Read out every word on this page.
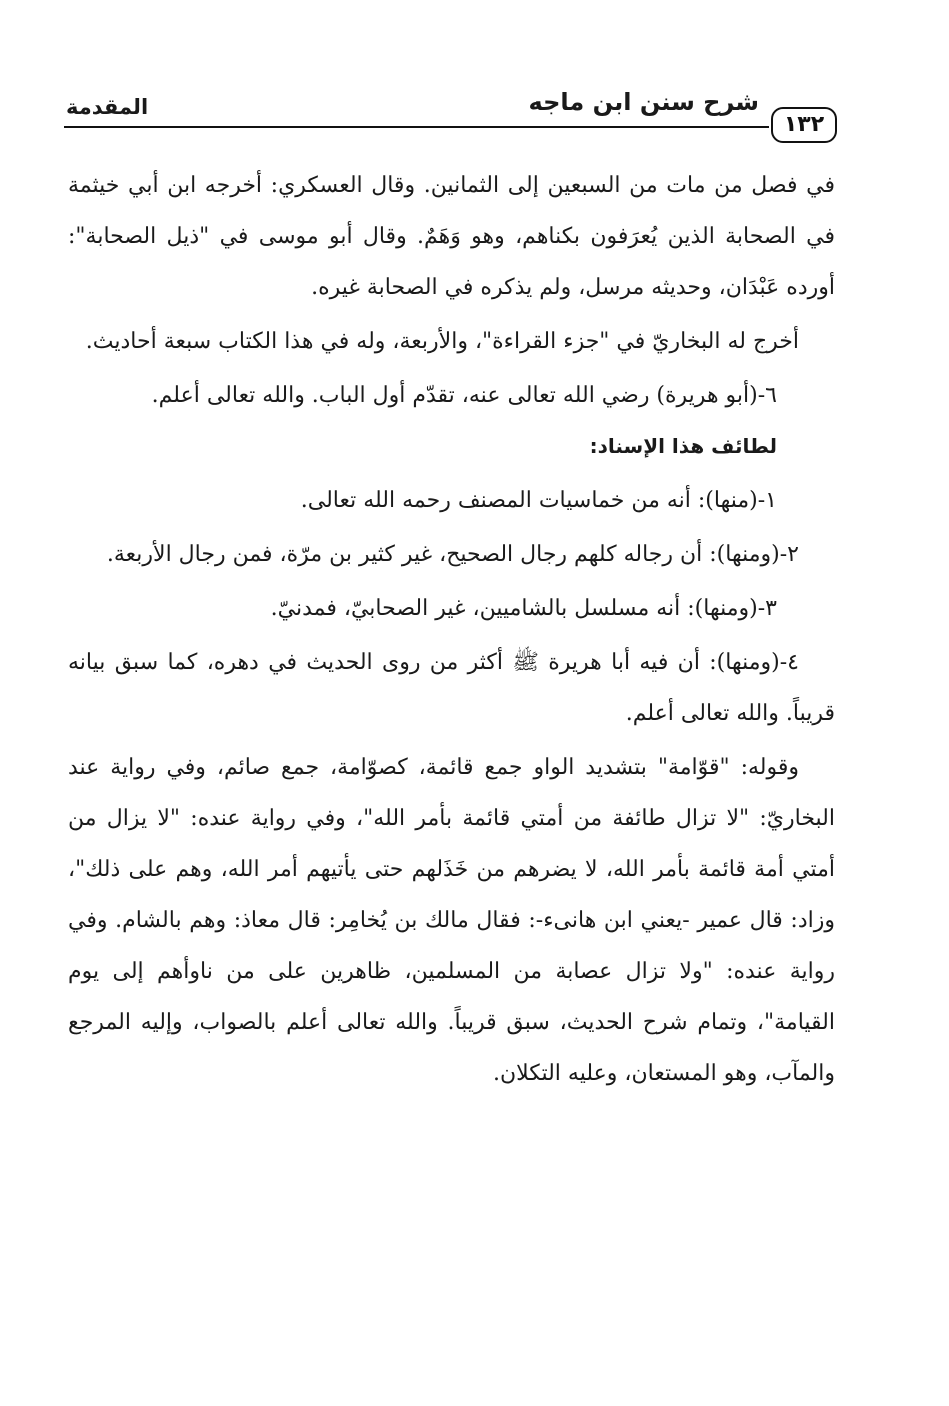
١٣٢
شرح سنن ابن ماجه
المقدمة

في فصل من مات من السبعين إلى الثمانين. وقال العسكري: أخرجه ابن أبي خيثمة في الصحابة الذين يُعرَفون بكناهم، وهو وَهَمٌ. وقال أبو موسى في "ذيل الصحابة": أورده عَبْدَان، وحديثه مرسل، ولم يذكره في الصحابة غيره.

أخرج له البخاريّ في "جزء القراءة"، والأربعة، وله في هذا الكتاب سبعة أحاديث.

٦-(أبو هريرة) رضي الله تعالى عنه، تقدّم أول الباب. والله تعالى أعلم.

لطائف هذا الإسناد:

١-(منها): أنه من خماسيات المصنف رحمه الله تعالى.

٢-(ومنها): أن رجاله كلهم رجال الصحيح، غير كثير بن مرّة، فمن رجال الأربعة.

٣-(ومنها): أنه مسلسل بالشاميين، غير الصحابيّ، فمدنيّ.

٤-(ومنها): أن فيه أبا هريرة ﷺ أكثر من روى الحديث في دهره، كما سبق بيانه قريباً. والله تعالى أعلم.

وقوله: "قوّامة" بتشديد الواو جمع قائمة، كصوّامة، جمع صائم، وفي رواية عند البخاريّ: "لا تزال طائفة من أمتي قائمة بأمر الله"، وفي رواية عنده: "لا يزال من أمتي أمة قائمة بأمر الله، لا يضرهم من خَذَلهم حتى يأتيهم أمر الله، وهم على ذلك"، وزاد: قال عمير -يعني ابن هانىء-: فقال مالك بن يُخامِر: قال معاذ: وهم بالشام. وفي رواية عنده: "ولا تزال عصابة من المسلمين، ظاهرين على من ناوأهم إلى يوم القيامة"، وتمام شرح الحديث، سبق قريباً. والله تعالى أعلم بالصواب، وإليه المرجع والمآب، وهو المستعان، وعليه التكلان.
